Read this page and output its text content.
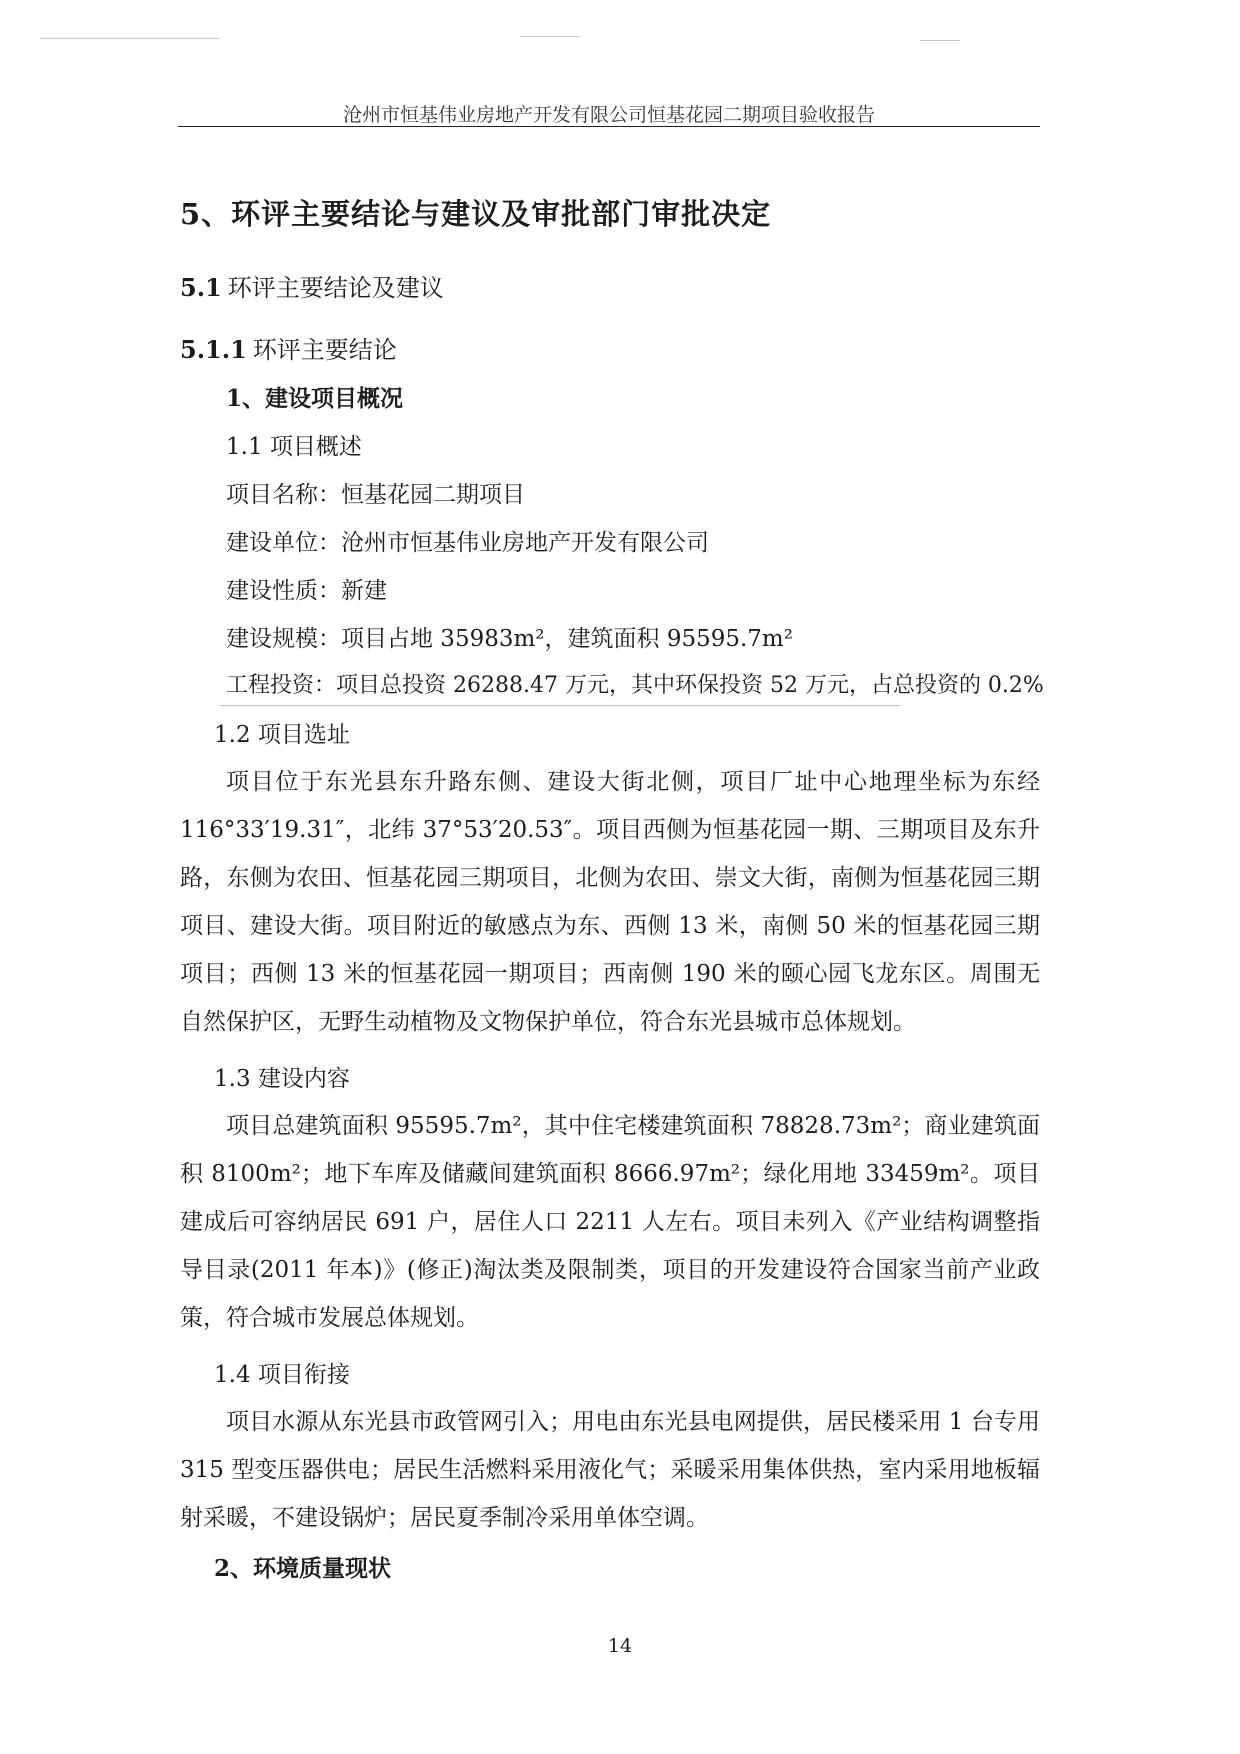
沧州市恒基伟业房地产开发有限公司恒基花园二期项目验收报告
5、环评主要结论与建议及审批部门审批决定
5.1 环评主要结论及建议
5.1.1 环评主要结论
1、建设项目概况
1.1 项目概述
项目名称：恒基花园二期项目
建设单位：沧州市恒基伟业房地产开发有限公司
建设性质：新建
建设规模：项目占地 35983m²，建筑面积 95595.7m²
工程投资：项目总投资 26288.47 万元，其中环保投资 52 万元，占总投资的 0.2%
1.2 项目选址

项目位于东光县东升路东侧、建设大街北侧，项目厂址中心地理坐标为东经116°33′19.31″，北纬 37°53′20.53″。项目西侧为恒基花园一期、三期项目及东升路，东侧为农田、恒基花园三期项目，北侧为农田、崇文大街，南侧为恒基花园三期项目、建设大街。项目附近的敏感点为东、西侧 13 米，南侧 50 米的恒基花园三期项目；西侧 13 米的恒基花园一期项目；西南侧 190 米的颐心园飞龙东区。周围无自然保护区，无野生动植物及文物保护单位，符合东光县城市总体规划。

1.3 建设内容

项目总建筑面积 95595.7m²，其中住宅楼建筑面积 78828.73m²；商业建筑面积 8100m²；地下车库及储藏间建筑面积 8666.97m²；绿化用地 33459m²。项目建成后可容纳居民 691 户，居住人口 2211 人左右。项目未列入《产业结构调整指导目录(2011 年本)》(修正)淘汰类及限制类，项目的开发建设符合国家当前产业政策，符合城市发展总体规划。

1.4 项目衔接

项目水源从东光县市政管网引入；用电由东光县电网提供，居民楼采用 1 台专用 315 型变压器供电；居民生活燃料采用液化气；采暖采用集体供热，室内采用地板辐射采暖，不建设锅炉；居民夏季制冷采用单体空调。

2、环境质量现状
14
